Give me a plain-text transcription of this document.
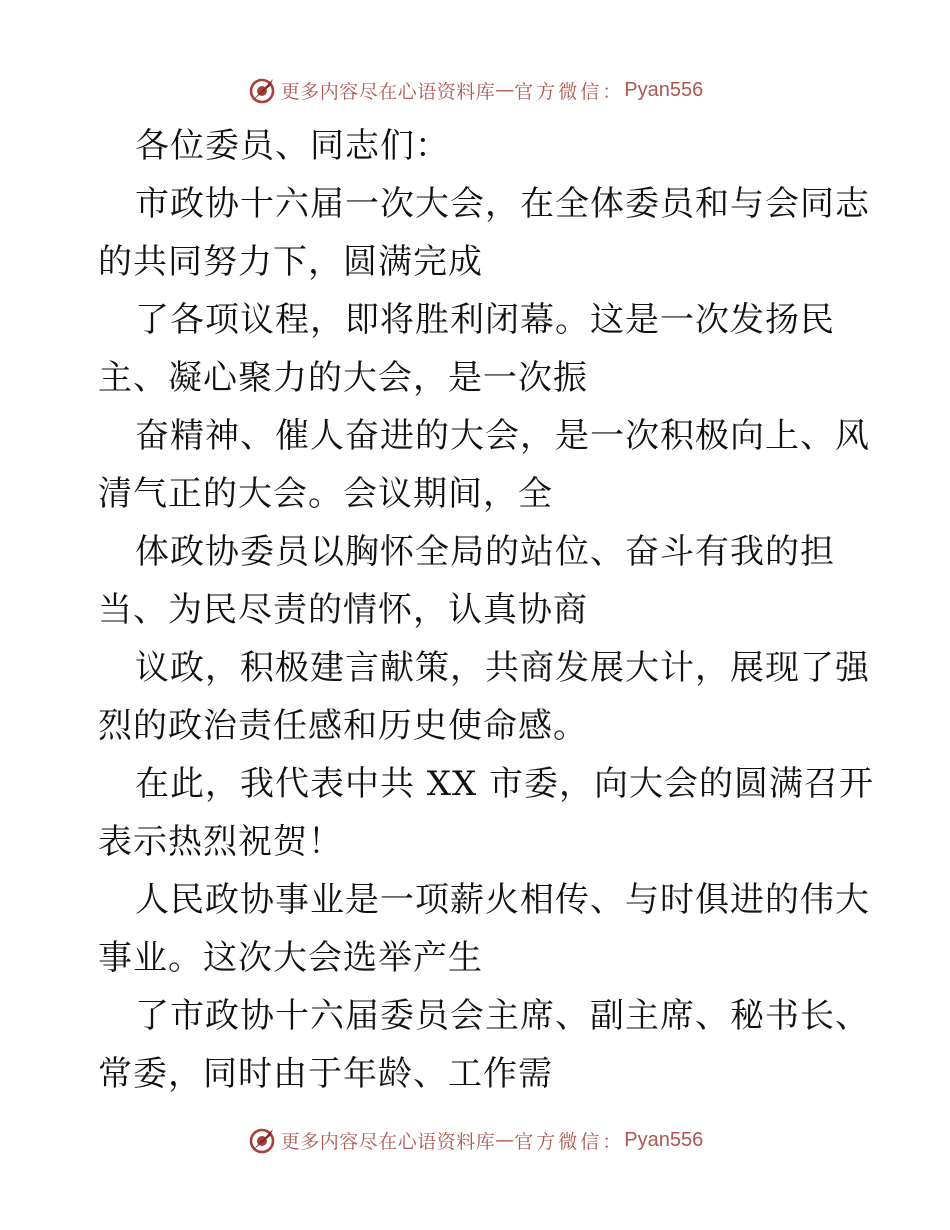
更多内容尽在心语资料库 — 官方微信： Pyan556
各位委员、同志们：
市政协十六届一次大会，在全体委员和与会同志
的共同努力下，圆满完成
了各项议程，即将胜利闭幕。这是一次发扬民
主、凝心聚力的大会，是一次振
奋精神、催人奋进的大会，是一次积极向上、风
清气正的大会。会议期间，全
体政协委员以胸怀全局的站位、奋斗有我的担
当、为民尽责的情怀，认真协商
议政，积极建言献策，共商发展大计，展现了强
烈的政治责任感和历史使命感。
在此，我代表中共 XX 市委，向大会的圆满召开
表示热烈祝贺！
人民政协事业是一项薪火相传、与时俱进的伟大
事业。这次大会选举产生
了市政协十六届委员会主席、副主席、秘书长、
常委，同时由于年龄、工作需
更多内容尽在心语资料库 — 官方微信： Pyan556
